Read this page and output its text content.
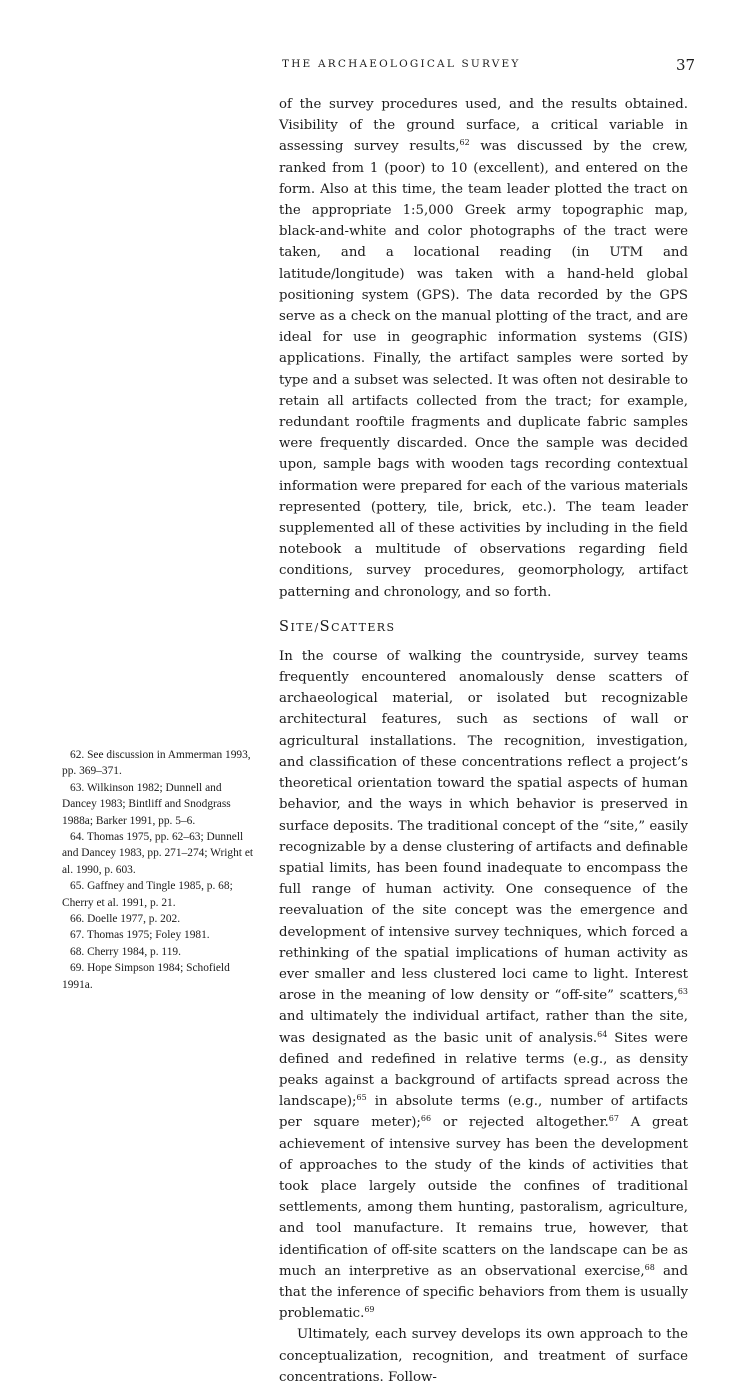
THE ARCHAEOLOGICAL SURVEY	37

of the survey procedures used, and the results obtained. Visibility of the ground surface, a critical variable in assessing survey results,$^{62}$ was discussed by the crew, ranked from 1 (poor) to 10 (excellent), and entered on the form. Also at this time, the team leader plotted the tract on the appropriate 1:5,000 Greek army topographic map, black-and-white and color photographs of the tract were taken, and a locational reading (in UTM and latitude/longitude) was taken with a hand-held global positioning system (GPS). The data recorded by the GPS serve as a check on the manual plotting of the tract, and are ideal for use in geographic information systems (GIS) applications. Finally, the artifact samples were sorted by type and a subset was selected. It was often not desirable to retain all artifacts collected from the tract; for example, redundant rooftile fragments and duplicate fabric samples were frequently discarded. Once the sample was decided upon, sample bags with wooden tags recording contextual information were prepared for each of the various materials represented (pottery, tile, brick, etc.). The team leader supplemented all of these activities by including in the field notebook a multitude of observations regarding field conditions, survey procedures, geomorphology, artifact patterning and chronology, and so forth.

SITE/SCATTERS

In the course of walking the countryside, survey teams frequently encountered anomalously dense scatters of archaeological material, or isolated but recognizable architectural features, such as sections of wall or agricultural installations. The recognition, investigation, and classification of these concentrations reflect a project’s theoretical orientation toward the spatial aspects of human behavior, and the ways in which behavior is preserved in surface deposits. The traditional concept of the “site,” easily recognizable by a dense clustering of artifacts and definable spatial limits, has been found inadequate to encompass the full range of human activity. One consequence of the reevaluation of the site concept was the emergence and development of intensive survey techniques, which forced a rethinking of the spatial implications of human activity as ever smaller and less clustered loci came to light. Interest arose in the meaning of low density or “off-site” scatters,$^{63}$ and ultimately the individual artifact, rather than the site, was designated as the basic unit of analysis.$^{64}$ Sites were defined and redefined in relative terms (e.g., as density peaks against a background of artifacts spread across the landscape);$^{65}$ in absolute terms (e.g., number of artifacts per square meter);$^{66}$ or rejected altogether.$^{67}$ A great achievement of intensive survey has been the development of approaches to the study of the kinds of activities that took place largely outside the confines of traditional settlements, among them hunting, pastoralism, agriculture, and tool manufacture. It remains true, however, that identification of off-site scatters on the landscape can be as much an interpretive as an observational exercise,$^{68}$ and that the inference of specific behaviors from them is usually problematic.$^{69}$

Ultimately, each survey develops its own approach to the conceptualization, recognition, and treatment of surface concentrations. Follow-

62. See discussion in Ammerman 1993, pp. 369–371.
63. Wilkinson 1982; Dunnell and Dancey 1983; Bintliff and Snodgrass 1988a; Barker 1991, pp. 5–6.
64. Thomas 1975, pp. 62–63; Dunnell and Dancey 1983, pp. 271–274; Wright et al. 1990, p. 603.
65. Gaffney and Tingle 1985, p. 68; Cherry et al. 1991, p. 21.
66. Doelle 1977, p. 202.
67. Thomas 1975; Foley 1981.
68. Cherry 1984, p. 119.
69. Hope Simpson 1984; Schofield 1991a.
